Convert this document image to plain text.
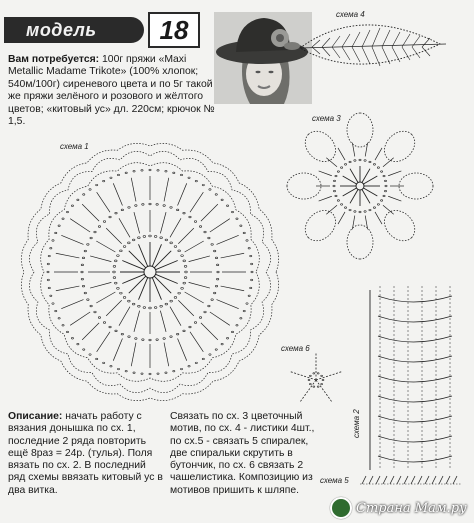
модель	18
Вам потребуется: 100г пряжи «Maxi Metallic Madame Trikote» (100% хлопок; 540м/100г) сиреневого цвета и по 5г такой же пряжи зелёного и розового и жёлтого цветов; «китовый ус» дл. 220см; крючок № 1,5.
схема 4
схема 3
схема 1
схема 6
схема 2
схема 5
Описание: начать работу с вязания донышка по сх. 1, последние 2 ряда повторить ещё 8раз = 24р. (тулья). Поля вязать по сх. 2. В последний ряд схемы ввязать китовый ус в два витка.
Связать по сх. 3 цветочный мотив, по сх. 4 - листики 4шт., по сх.5 - связать 5 спиралек, две спиральки скрутить в бутончик, по сх. 6 связать 2 чашелистика. Композицию из мотивов пришить к шляпе.
Страна Мам.ру
